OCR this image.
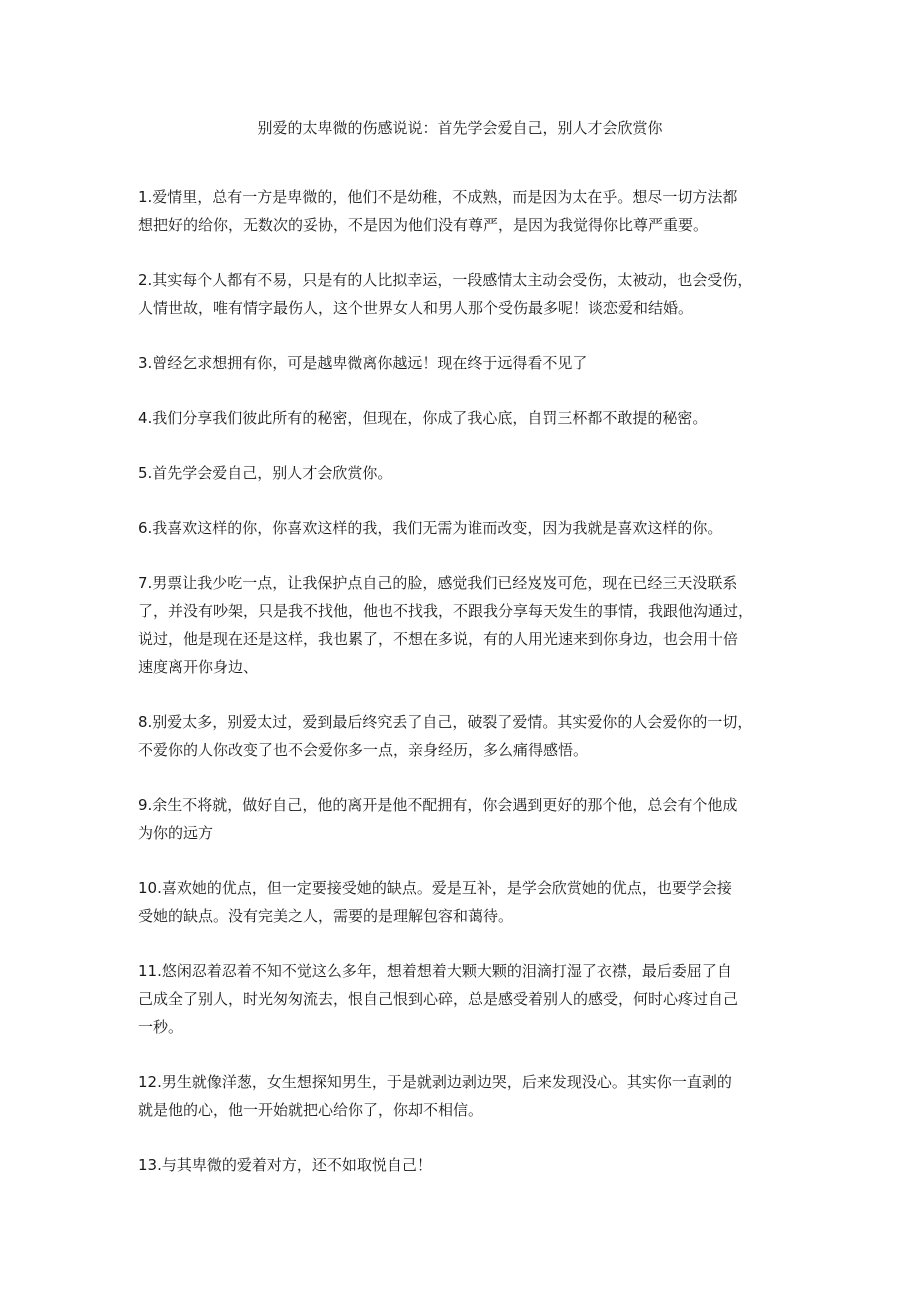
别爱的太卑微的伤感说说：首先学会爱自己，别人才会欣赏你
1.爱情里，总有一方是卑微的，他们不是幼稚，不成熟，而是因为太在乎。想尽一切方法都
想把好的给你，无数次的妥协，不是因为他们没有尊严，是因为我觉得你比尊严重要。
2.其实每个人都有不易，只是有的人比拟幸运，一段感情太主动会受伤，太被动，也会受伤，
人情世故，唯有情字最伤人，这个世界女人和男人那个受伤最多呢！谈恋爱和结婚。
3.曾经乞求想拥有你，可是越卑微离你越远！现在终于远得看不见了
4.我们分享我们彼此所有的秘密，但现在，你成了我心底，自罚三杯都不敢提的秘密。
5.首先学会爱自己，别人才会欣赏你。
6.我喜欢这样的你，你喜欢这样的我，我们无需为谁而改变，因为我就是喜欢这样的你。
7.男票让我少吃一点，让我保护点自己的脸，感觉我们已经岌岌可危，现在已经三天没联系
了，并没有吵架，只是我不找他，他也不找我，不跟我分享每天发生的事情，我跟他沟通过，
说过，他是现在还是这样，我也累了，不想在多说，有的人用光速来到你身边，也会用十倍
速度离开你身边、
8.别爱太多，别爱太过，爱到最后终究丢了自己，破裂了爱情。其实爱你的人会爱你的一切，
不爱你的人你改变了也不会爱你多一点，亲身经历，多么痛得感悟。
9.余生不将就，做好自己，他的离开是他不配拥有，你会遇到更好的那个他，总会有个他成
为你的远方
10.喜欢她的优点，但一定要接受她的缺点。爱是互补，是学会欣赏她的优点，也要学会接
受她的缺点。没有完美之人，需要的是理解包容和蔼待。
11.悠闲忍着忍着不知不觉这么多年，想着想着大颗大颗的泪滴打湿了衣襟，最后委屈了自
己成全了别人，时光匆匆流去，恨自己恨到心碎，总是感受着别人的感受，何时心疼过自己
一秒。
12.男生就像洋葱，女生想探知男生，于是就剥边剥边哭，后来发现没心。其实你一直剥的
就是他的心，他一开始就把心给你了，你却不相信。
13.与其卑微的爱着对方，还不如取悦自己！
